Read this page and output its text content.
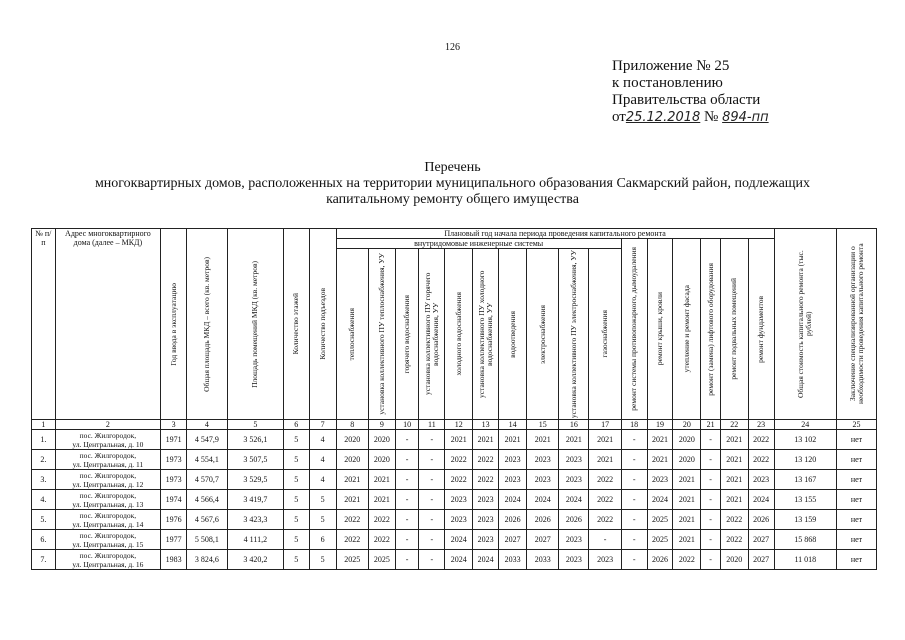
126
Приложение № 25
к постановлению
Правительства области
от25.12.2018 № 894-пп
Перечень
многоквартирных домов, расположенных на территории муниципального образования Сакмарский район, подлежащих
капитальному ремонту общего имущества
№ п/п	Адрес многоквартирного дома (далее – МКД)	Год ввода в эксплуатацию	Общая площадь МКД – всего (кв. метров)	Площадь помещений МКД (кв. метров)	Количество этажей	Количество подъездов	Плановый год начала периода проведения капитального ремонта																Общая стоимость капитального ремонта (тыс. рублей)	Заключение специализированной организации о необходимости проведения капитального ремонта

							внутридомовые инженерные системы										ремонт системы противопожарного, дымоудаления	ремонт крыши, кровли	утепление и ремонт фасада	ремонт (замена) лифтового оборудования	ремонт подвальных помещений	ремонт фундаментов		

							теплоснабжения	установка коллективного ПУ теплоснабжения, УУ	горячего водоснабжения	установка коллективного ПУ горячего водоснабжения, УУ	холодного водоснабжения	установка коллективного ПУ холодного водоснабжения, УУ	водоотведения	электроснабжения	установка коллективного ПУ электроснабжения, УУ	газоснабжения								

1	2	3	4	5	6	7	8	9	10	11	12	13	14	15	16	17	18	19	20	21	22	23	24	25
1.	пос. Жилгородок,
ул. Центральная, д. 10	1971	4 547,9	3 526,1	5	4	2020	2020	-	-	2021	2021	2021	2021	2021	2021	-	2021	2020	-	2021	2022	13 102	нет
2.	пос. Жилгородок,
ул. Центральная, д. 11	1973	4 554,1	3 507,5	5	4	2020	2020	-	-	2022	2022	2023	2023	2023	2021	-	2021	2020	-	2021	2022	13 120	нет
3.	пос. Жилгородок,
ул. Центральная, д. 12	1973	4 570,7	3 529,5	5	4	2021	2021	-	-	2022	2022	2023	2023	2023	2022	-	2023	2021	-	2021	2023	13 167	нет
4.	пос. Жилгородок,
ул. Центральная, д. 13	1974	4 566,4	3 419,7	5	5	2021	2021	-	-	2023	2023	2024	2024	2024	2022	-	2024	2021	-	2021	2024	13 155	нет
5.	пос. Жилгородок,
ул. Центральная, д. 14	1976	4 567,6	3 423,3	5	5	2022	2022	-	-	2023	2023	2026	2026	2026	2022	-	2025	2021	-	2022	2026	13 159	нет
6.	пос. Жилгородок,
ул. Центральная, д. 15	1977	5 508,1	4 111,2	5	6	2022	2022	-	-	2024	2023	2027	2027	2023	-	-	2025	2021	-	2022	2027	15 868	нет
7.	пос. Жилгородок,
ул. Центральная, д. 16	1983	3 824,6	3 420,2	5	5	2025	2025	-	-	2024	2024	2033	2033	2023	2023	-	2026	2022	-	2020	2027	11 018	нет
